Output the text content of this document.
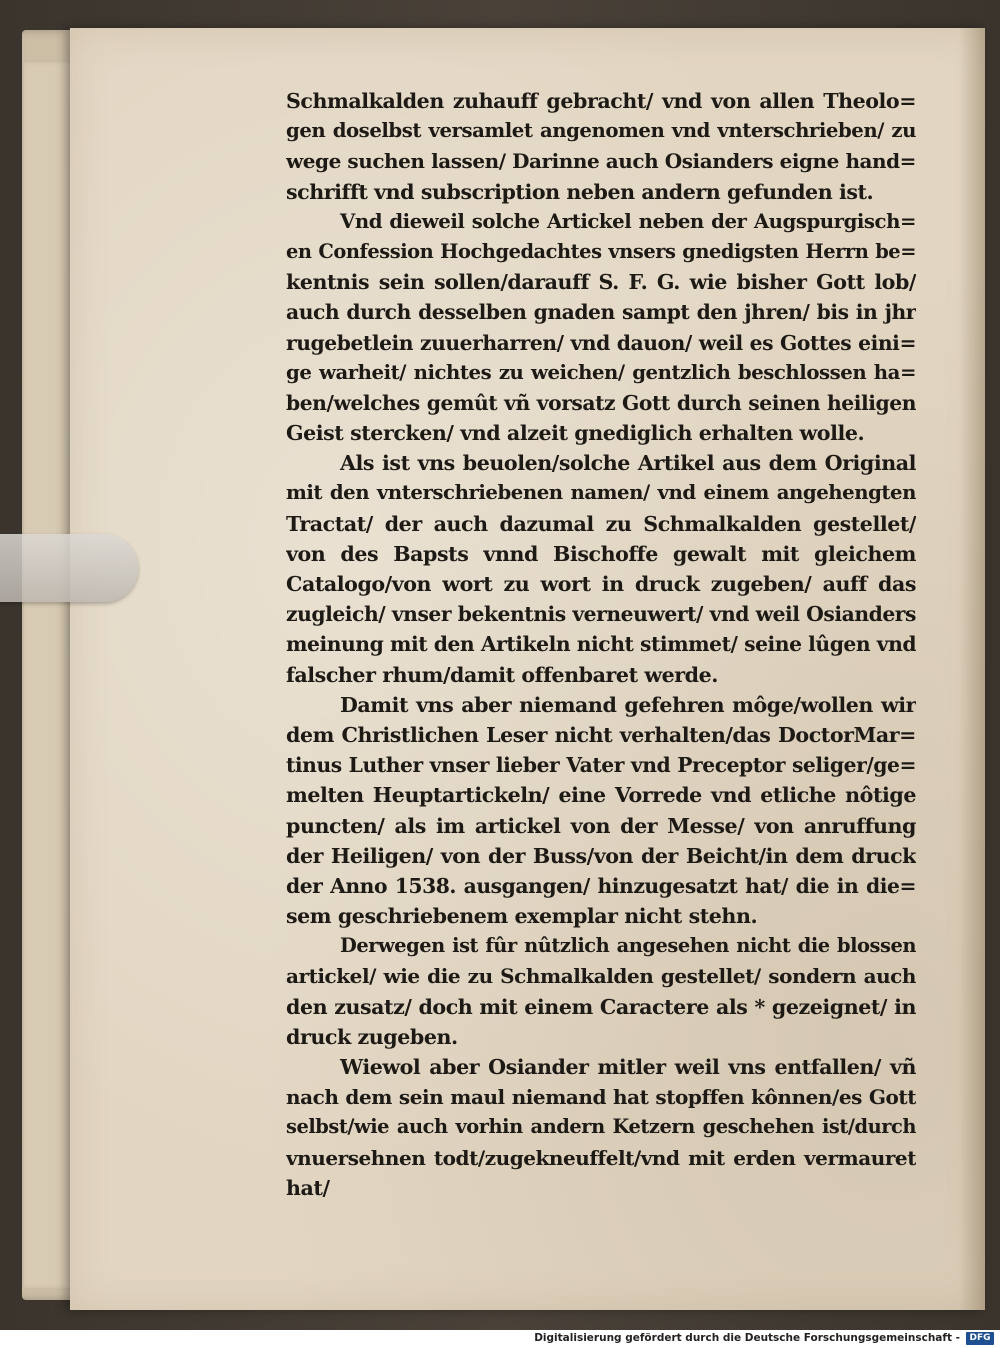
Schmalkalden zuhauff gebracht/ vnd von allen Theolo=
gen doselbst versamlet angenomen vnd vnterschrieben/ zu
wege suchen lassen/ Darinne auch Osianders eigne hand=
schrifft vnd subscription neben andern gefunden ist.
Vnd dieweil solche Artickel neben der Augspurgisch=
en Confession Hochgedachtes vnsers gnedigsten Herrn be=
kentnis sein sollen/darauff S. F. G. wie bisher Gott lob/
auch durch desselben gnaden sampt den jhren/ bis in jhr
rugebetlein zuuerharren/ vnd dauon/ weil es Gottes eini=
ge warheit/ nichtes zu weichen/ gentzlich beschlossen ha=
ben/welches gemût vñ vorsatz Gott durch seinen heiligen
Geist stercken/ vnd alzeit gnediglich erhalten wolle.
Als ist vns beuolen/solche Artikel aus dem Original
mit den vnterschriebenen namen/ vnd einem angehengten
Tractat/ der auch dazumal zu Schmalkalden gestellet/
von des Bapsts vnnd Bischoffe gewalt mit gleichem
Catalogo/von wort zu wort in druck zugeben/ auff das
zugleich/ vnser bekentnis verneuwert/ vnd weil Osianders
meinung mit den Artikeln nicht stimmet/ seine lûgen vnd
falscher rhum/damit offenbaret werde.
Damit vns aber niemand gefehren môge/wollen wir
dem Christlichen Leser nicht verhalten/das DoctorMar=
tinus Luther vnser lieber Vater vnd Preceptor seliger/ge=
melten Heuptartickeln/ eine Vorrede vnd etliche nôtige
puncten/ als im artickel von der Messe/ von anruffung
der Heiligen/ von der Buss/von der Beicht/in dem druck
der Anno 1538. ausgangen/ hinzugesatzt hat/ die in die=
sem geschriebenem exemplar nicht stehn.
Derwegen ist fûr nûtzlich angesehen nicht die blossen
artickel/ wie die zu Schmalkalden gestellet/ sondern auch
den zusatz/ doch mit einem Caractere als * gezeignet/ in
druck zugeben.
Wiewol aber Osiander mitler weil vns entfallen/ vñ
nach dem sein maul niemand hat stopffen kônnen/es Gott
selbst/wie auch vorhin andern Ketzern geschehen ist/durch
vnuersehnen todt/zugekneuffelt/vnd mit erden vermauret
hat/
Digitalisierung gefördert durch die Deutsche Forschungsgemeinschaft -	DFG
